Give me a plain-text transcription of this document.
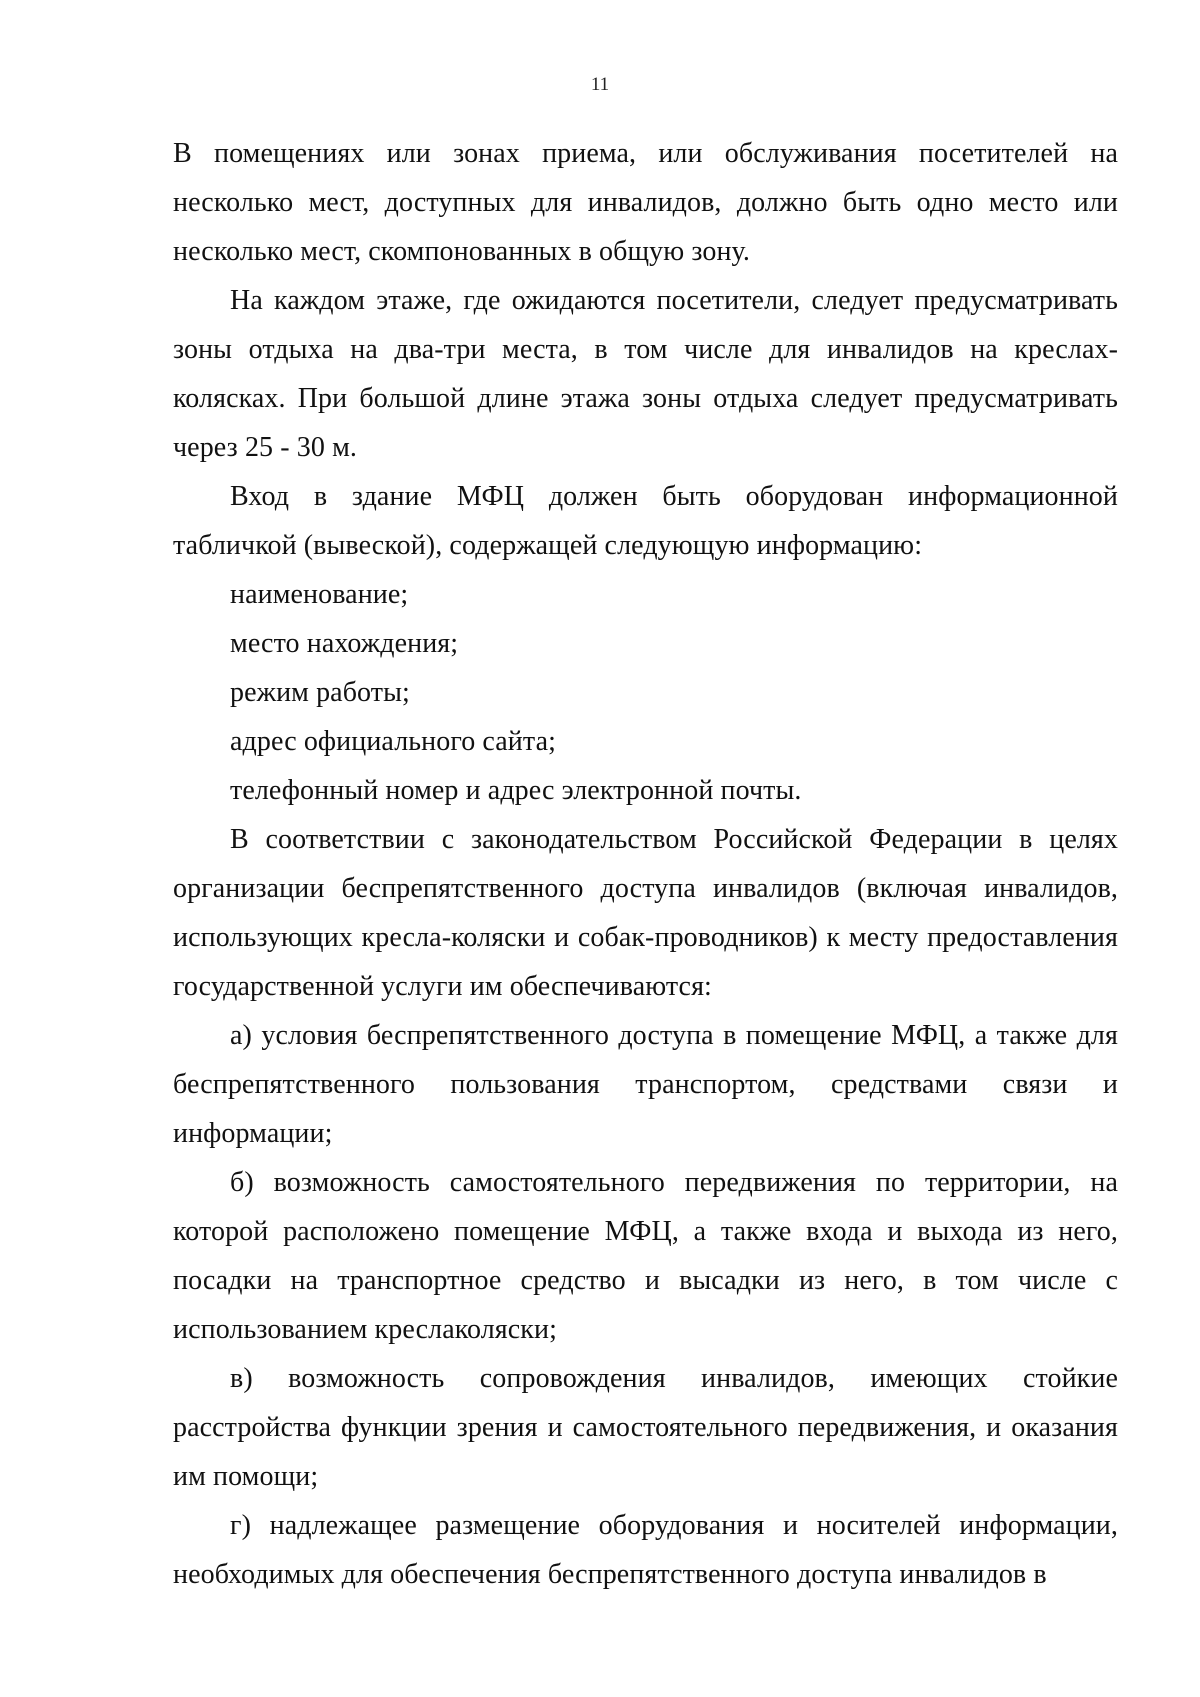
11

В помещениях или зонах приема, или обслуживания посетителей на несколько мест, доступных для инвалидов, должно быть одно место или несколько мест, скомпонованных в общую зону.

На каждом этаже, где ожидаются посетители, следует предусматривать зоны отдыха на два-три места, в том числе для инвалидов на креслах-колясках. При большой длине этажа зоны отдыха следует предусматривать через 25 - 30 м.

Вход в здание МФЦ должен быть оборудован информационной табличкой (вывеской), содержащей следующую информацию:

наименование;

место нахождения;

режим работы;

адрес официального сайта;

телефонный номер и адрес электронной почты.

В соответствии с законодательством Российской Федерации в целях организации беспрепятственного доступа инвалидов (включая инвалидов, использующих кресла-коляски и собак-проводников) к месту предоставления государственной услуги им обеспечиваются:

а) условия беспрепятственного доступа в помещение МФЦ, а также для беспрепятственного пользования транспортом, средствами связи и информации;

б) возможность самостоятельного передвижения по территории, на которой расположено помещение МФЦ, а также входа и выхода из него, посадки на транспортное средство и высадки из него, в том числе с использованием креслаколяски;

в) возможность сопровождения инвалидов, имеющих стойкие расстройства функции зрения и самостоятельного передвижения, и оказания им помощи;

г) надлежащее размещение оборудования и носителей информации, необходимых для обеспечения беспрепятственного доступа инвалидов в
